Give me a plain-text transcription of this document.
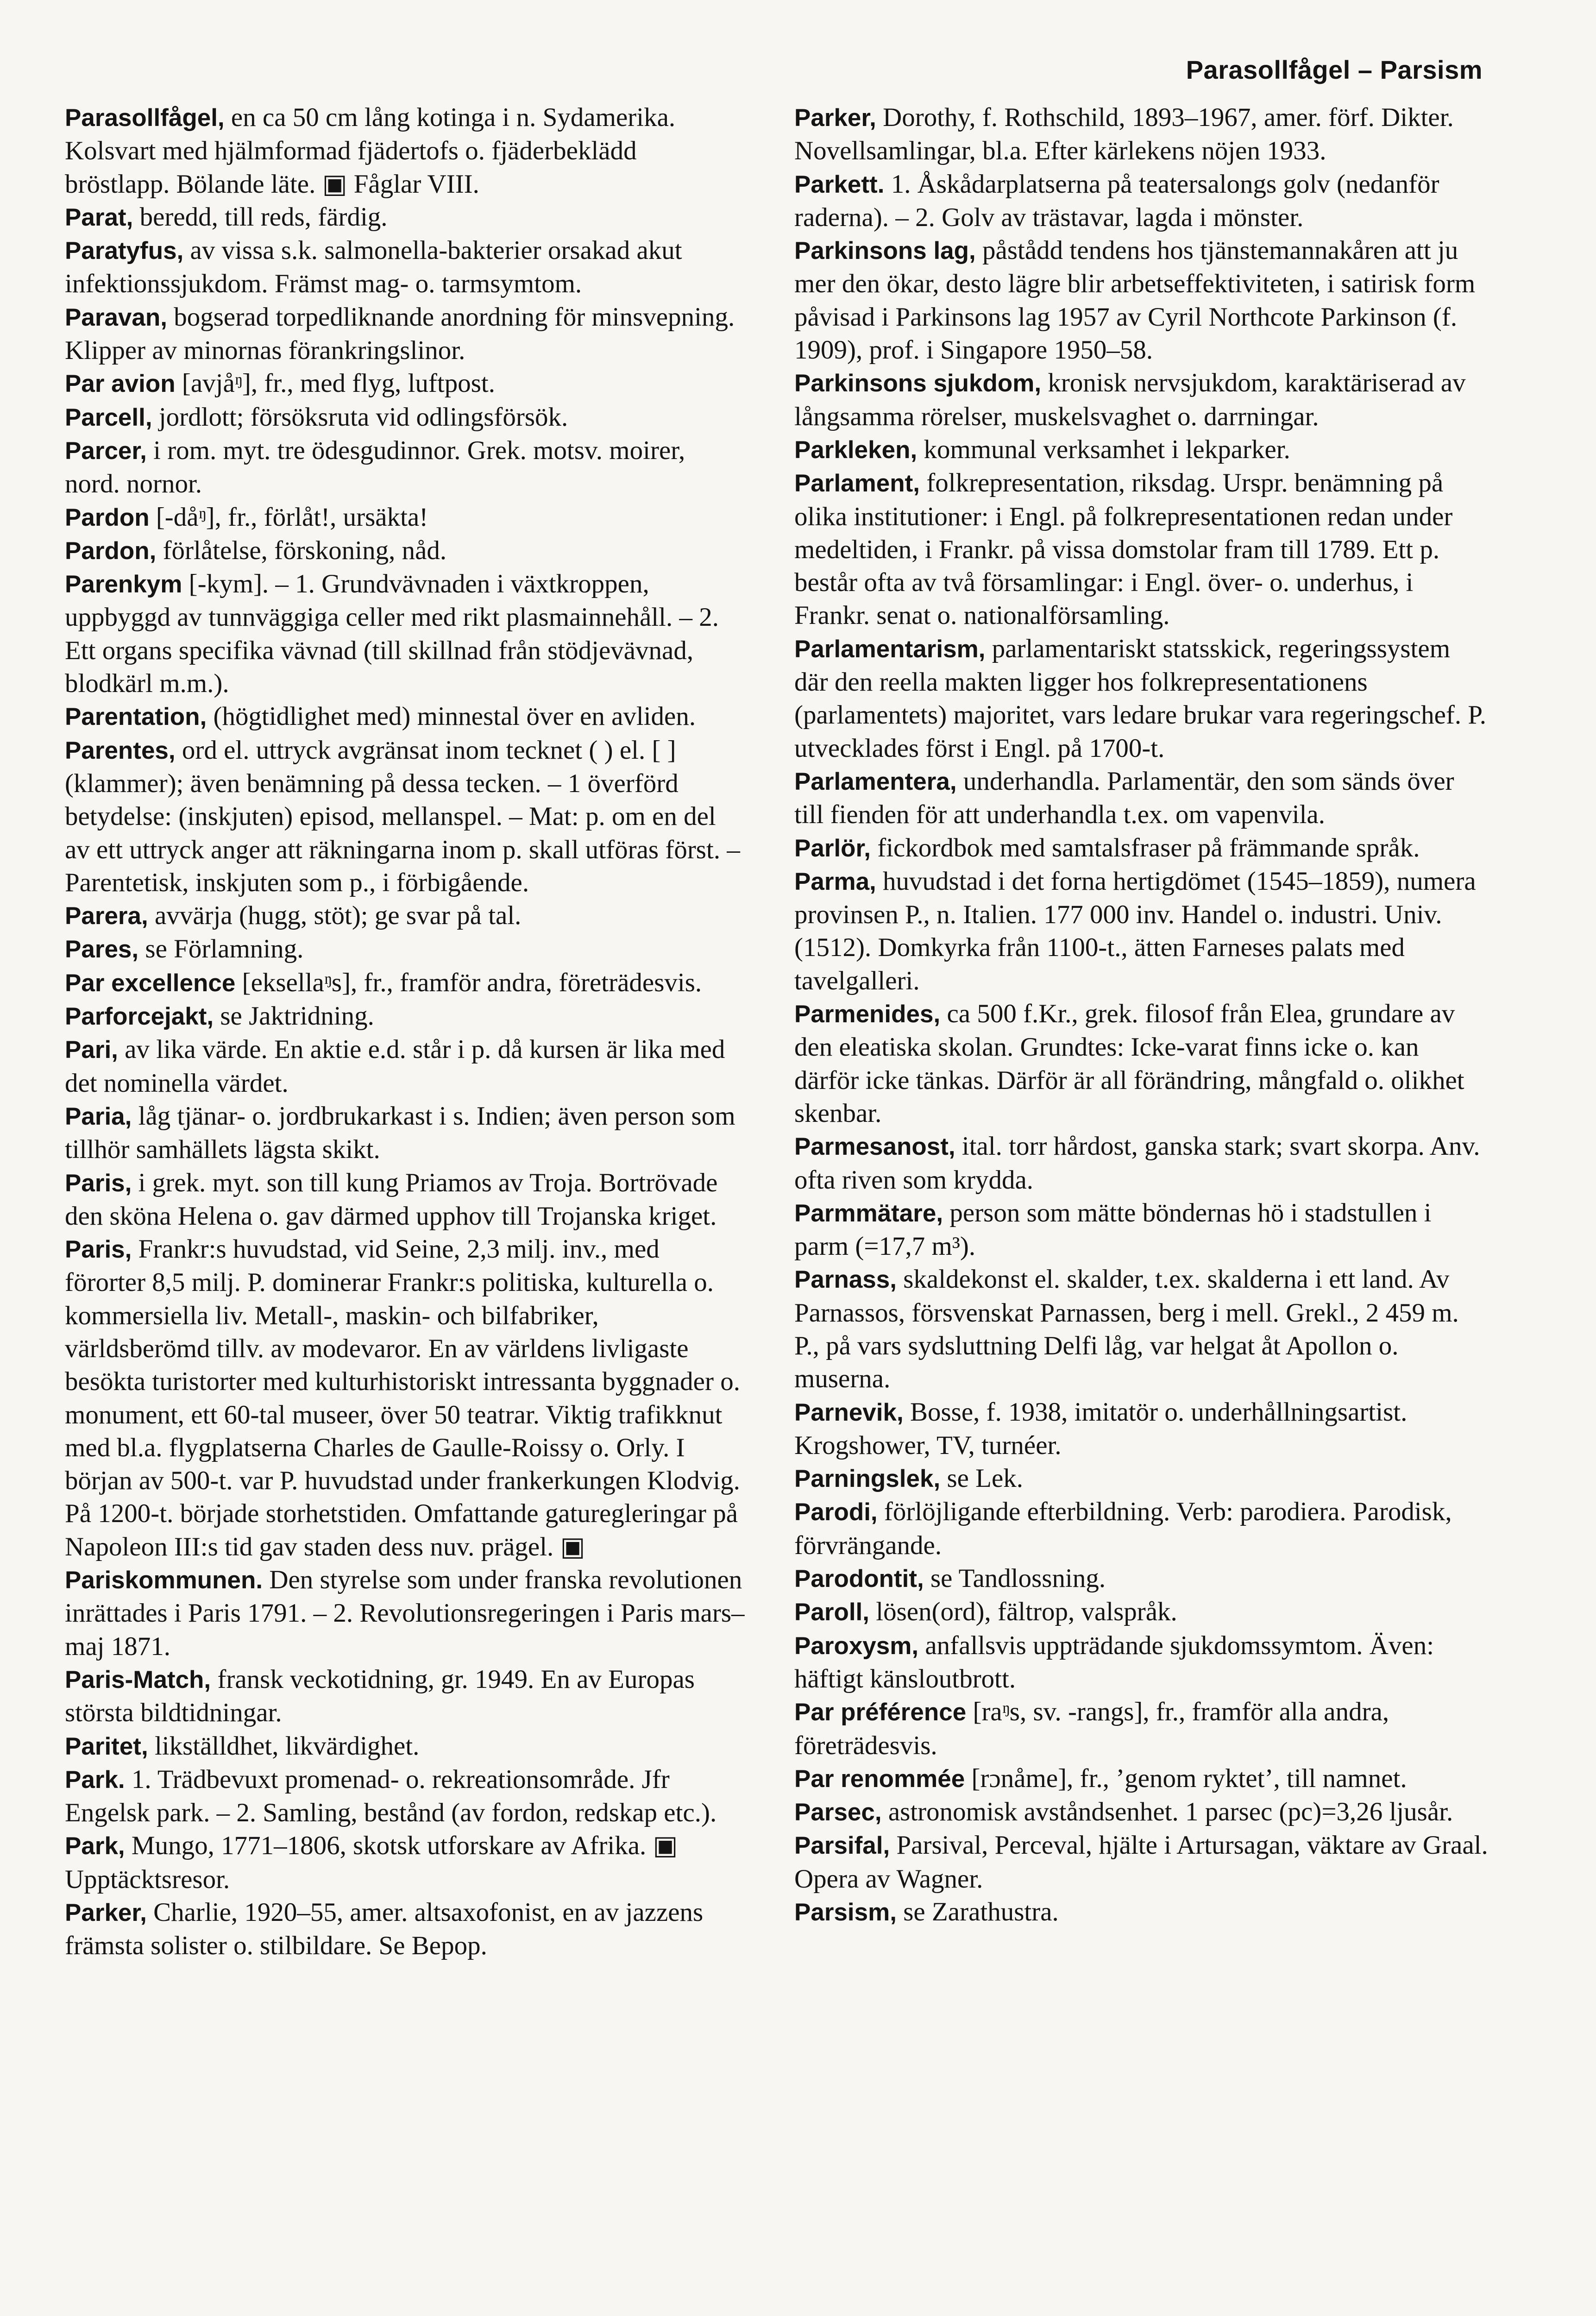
Parasollfågel – Parsism

Parasollfågel, en ca 50 cm lång kotinga i n. Sydamerika. Kolsvart med hjälmformad fjädertofs o. fjäderbeklädd bröstlapp. Bölande läte. ▣ Fåglar VIII.

Parat, beredd, till reds, färdig.

Paratyfus, av vissa s.k. salmonella-bakterier orsakad akut infektionssjukdom. Främst mag- o. tarmsymtom.

Paravan, bogserad torpedliknande anordning för minsvepning. Klipper av minornas förankringslinor.

Par avion [avjåᵑ], fr., med flyg, luftpost.

Parcell, jordlott; försöksruta vid odlingsförsök.

Parcer, i rom. myt. tre ödesgudinnor. Grek. motsv. moirer, nord. nornor.

Pardon [-dåᵑ], fr., förlåt!, ursäkta!

Pardon, förlåtelse, förskoning, nåd.

Parenkym [-kym]. – 1. Grundvävnaden i växtkroppen, uppbyggd av tunnväggiga celler med rikt plasmainnehåll. – 2. Ett organs specifika vävnad (till skillnad från stödjevävnad, blodkärl m.m.).

Parentation, (högtidlighet med) minnestal över en avliden.

Parentes, ord el. uttryck avgränsat inom tecknet ( ) el. [ ] (klammer); även benämning på dessa tecken. – 1 överförd betydelse: (inskjuten) episod, mellanspel. – Mat: p. om en del av ett uttryck anger att räkningarna inom p. skall utföras först. – Parentetisk, inskjuten som p., i förbigående.

Parera, avvärja (hugg, stöt); ge svar på tal.

Pares, se Förlamning.

Par excellence [eksellaᵑs], fr., framför andra, företrädesvis.

Parforcejakt, se Jaktridning.

Pari, av lika värde. En aktie e.d. står i p. då kursen är lika med det nominella värdet.

Paria, låg tjänar- o. jordbrukarkast i s. Indien; även person som tillhör samhällets lägsta skikt.

Paris, i grek. myt. son till kung Priamos av Troja. Bortrövade den sköna Helena o. gav därmed upphov till Trojanska kriget.

Paris, Frankr:s huvudstad, vid Seine, 2,3 milj. inv., med förorter 8,5 milj. P. dominerar Frankr:s politiska, kulturella o. kommersiella liv. Metall-, maskin- och bilfabriker, världsberömd tillv. av modevaror. En av världens livligaste besökta turistorter med kulturhistoriskt intressanta byggnader o. monument, ett 60-tal museer, över 50 teatrar. Viktig trafikknut med bl.a. flygplatserna Charles de Gaulle-Roissy o. Orly. I början av 500-t. var P. huvudstad under frankerkungen Klodvig. På 1200-t. började storhetstiden. Omfattande gaturegleringar på Napoleon III:s tid gav staden dess nuv. prägel. ▣

Pariskommunen. Den styrelse som under franska revolutionen inrättades i Paris 1791. – 2. Revolutionsregeringen i Paris mars–maj 1871.

Paris-Match, fransk veckotidning, gr. 1949. En av Europas största bildtidningar.

Paritet, likställdhet, likvärdighet.

Park. 1. Trädbevuxt promenad- o. rekreationsområde. Jfr Engelsk park. – 2. Samling, bestånd (av fordon, redskap etc.).

Park, Mungo, 1771–1806, skotsk utforskare av Afrika. ▣ Upptäcktsresor.

Parker, Charlie, 1920–55, amer. altsaxofonist, en av jazzens främsta solister o. stilbildare. Se Bepop.

Parker, Dorothy, f. Rothschild, 1893–1967, amer. förf. Dikter. Novellsamlingar, bl.a. Efter kärlekens nöjen 1933.

Parkett. 1. Åskådarplatserna på teatersalongs golv (nedanför raderna). – 2. Golv av trästavar, lagda i mönster.

Parkinsons lag, påstådd tendens hos tjänstemannakåren att ju mer den ökar, desto lägre blir arbetseffektiviteten, i satirisk form påvisad i Parkinsons lag 1957 av Cyril Northcote Parkinson (f. 1909), prof. i Singapore 1950–58.

Parkinsons sjukdom, kronisk nervsjukdom, karaktäriserad av långsamma rörelser, muskelsvaghet o. darrningar.

Parkleken, kommunal verksamhet i lekparker.

Parlament, folkrepresentation, riksdag. Urspr. benämning på olika institutioner: i Engl. på folkrepresentationen redan under medeltiden, i Frankr. på vissa domstolar fram till 1789. Ett p. består ofta av två församlingar: i Engl. över- o. underhus, i Frankr. senat o. nationalförsamling.

Parlamentarism, parlamentariskt statsskick, regeringssystem där den reella makten ligger hos folkrepresentationens (parlamentets) majoritet, vars ledare brukar vara regeringschef. P. utvecklades först i Engl. på 1700-t.

Parlamentera, underhandla. Parlamentär, den som sänds över till fienden för att underhandla t.ex. om vapenvila.

Parlör, fickordbok med samtalsfraser på främmande språk.

Parma, huvudstad i det forna hertigdömet (1545–1859), numera provinsen P., n. Italien. 177 000 inv. Handel o. industri. Univ. (1512). Domkyrka från 1100-t., ätten Farneses palats med tavelgalleri.

Parmenides, ca 500 f.Kr., grek. filosof från Elea, grundare av den eleatiska skolan. Grundtes: Icke-varat finns icke o. kan därför icke tänkas. Därför är all förändring, mångfald o. olikhet skenbar.

Parmesanost, ital. torr hårdost, ganska stark; svart skorpa. Anv. ofta riven som krydda.

Parmmätare, person som mätte böndernas hö i stadstullen i parm (=17,7 m³).

Parnass, skaldekonst el. skalder, t.ex. skalderna i ett land. Av Parnassos, försvenskat Parnassen, berg i mell. Grekl., 2 459 m. P., på vars sydsluttning Delfi låg, var helgat åt Apollon o. muserna.

Parnevik, Bosse, f. 1938, imitatör o. underhållningsartist. Krogshower, TV, turnéer.

Parningslek, se Lek.

Parodi, förlöjligande efterbildning. Verb: parodiera. Parodisk, förvrängande.

Parodontit, se Tandlossning.

Paroll, lösen(ord), fältrop, valspråk.

Paroxysm, anfallsvis uppträdande sjukdomssymtom. Även: häftigt känsloutbrott.

Par préférence [raᵑs, sv. -rangs], fr., framför alla andra, företrädesvis.

Par renommée [rɔnåme], fr., ’genom ryktet’, till namnet.

Parsec, astronomisk avståndsenhet. 1 parsec (pc)=3,26 ljusår.

Parsifal, Parsival, Perceval, hjälte i Artursagan, väktare av Graal. Opera av Wagner.

Parsism, se Zarathustra.
